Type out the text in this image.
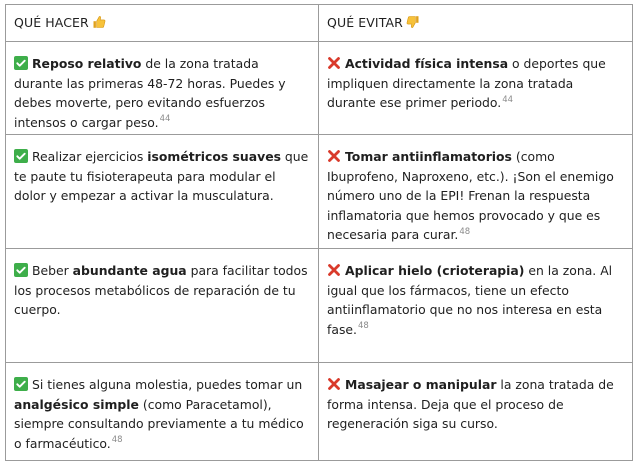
QUÉ HACER	QUÉ EVITAR

Reposo relativo de la zona tratada durante las primeras 48-72 horas. Puedes y debes moverte, pero evitando esfuerzos intensos o cargar peso.$^{44}$	Actividad física intensa o deportes que impliquen directamente la zona tratada durante ese primer periodo.$^{44}$

Realizar ejercicios isométricos suaves que te paute tu fisioterapeuta para modular el dolor y empezar a activar la musculatura.	Tomar antiinflamatorios (como Ibuprofeno, Naproxeno, etc.). ¡Son el enemigo número uno de la EPI! Frenan la respuesta inflamatoria que hemos provocado y que es necesaria para curar.$^{48}$

Beber abundante agua para facilitar todos los procesos metabólicos de reparación de tu cuerpo.	Aplicar hielo (crioterapia) en la zona. Al igual que los fármacos, tiene un efecto antiinflamatorio que no nos interesa en esta fase.$^{48}$

Si tienes alguna molestia, puedes tomar un analgésico simple (como Paracetamol), siempre consultando previamente a tu médico o farmacéutico.$^{48}$	Masajear o manipular la zona tratada de forma intensa. Deja que el proceso de regeneración siga su curso.
